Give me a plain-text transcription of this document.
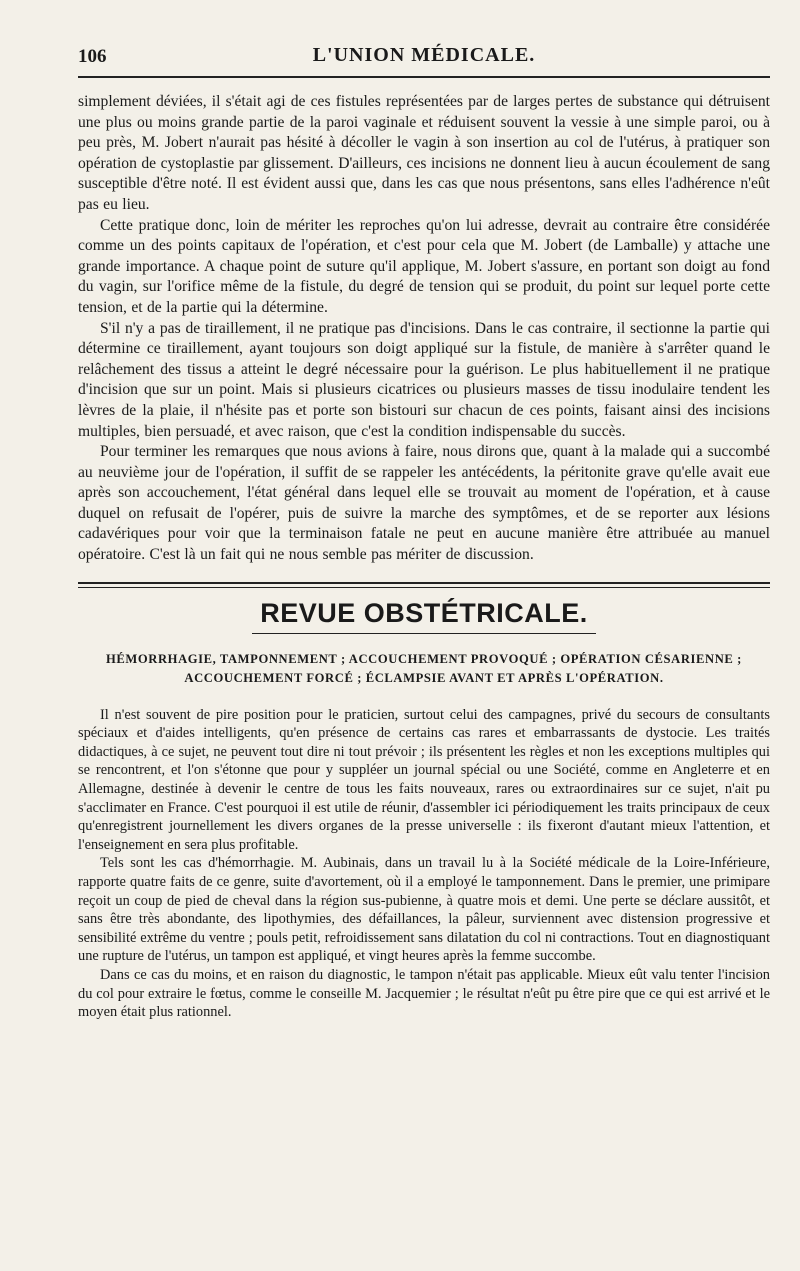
106	L'UNION MÉDICALE.

simplement déviées, il s'était agi de ces fistules représentées par de larges pertes de substance qui détruisent une plus ou moins grande partie de la paroi vaginale et réduisent souvent la vessie à une simple paroi, ou à peu près, M. Jobert n'aurait pas hésité à décoller le vagin à son insertion au col de l'utérus, à pratiquer son opération de cystoplastie par glissement. D'ailleurs, ces incisions ne donnent lieu à aucun écoulement de sang susceptible d'être noté. Il est évident aussi que, dans les cas que nous présentons, sans elles l'adhérence n'eût pas eu lieu.

Cette pratique donc, loin de mériter les reproches qu'on lui adresse, devrait au contraire être considérée comme un des points capitaux de l'opération, et c'est pour cela que M. Jobert (de Lamballe) y attache une grande importance. A chaque point de suture qu'il applique, M. Jobert s'assure, en portant son doigt au fond du vagin, sur l'orifice même de la fistule, du degré de tension qui se produit, du point sur lequel porte cette tension, et de la partie qui la détermine.

S'il n'y a pas de tiraillement, il ne pratique pas d'incisions. Dans le cas contraire, il sectionne la partie qui détermine ce tiraillement, ayant toujours son doigt appliqué sur la fistule, de manière à s'arrêter quand le relâchement des tissus a atteint le degré nécessaire pour la guérison. Le plus habituellement il ne pratique d'incision que sur un point. Mais si plusieurs cicatrices ou plusieurs masses de tissu inodulaire tendent les lèvres de la plaie, il n'hésite pas et porte son bistouri sur chacun de ces points, faisant ainsi des incisions multiples, bien persuadé, et avec raison, que c'est la condition indispensable du succès.

Pour terminer les remarques que nous avions à faire, nous dirons que, quant à la malade qui a succombé au neuvième jour de l'opération, il suffit de se rappeler les antécédents, la péritonite grave qu'elle avait eue après son accouchement, l'état général dans lequel elle se trouvait au moment de l'opération, et à cause duquel on refusait de l'opérer, puis de suivre la marche des symptômes, et de se reporter aux lésions cadavériques pour voir que la terminaison fatale ne peut en aucune manière être attribuée au manuel opératoire. C'est là un fait qui ne nous semble pas mériter de discussion.

REVUE OBSTÉTRICALE.
HÉMORRHAGIE, TAMPONNEMENT ; ACCOUCHEMENT PROVOQUÉ ; OPÉRATION CÉSARIENNE ;
ACCOUCHEMENT FORCÉ ; ÉCLAMPSIE AVANT ET APRÈS L'OPÉRATION.

Il n'est souvent de pire position pour le praticien, surtout celui des campagnes, privé du secours de consultants spéciaux et d'aides intelligents, qu'en présence de certains cas rares et embarrassants de dystocie. Les traités didactiques, à ce sujet, ne peuvent tout dire ni tout prévoir ; ils présentent les règles et non les exceptions multiples qui se rencontrent, et l'on s'étonne que pour y suppléer un journal spécial ou une Société, comme en Angleterre et en Allemagne, destinée à devenir le centre de tous les faits nouveaux, rares ou extraordinaires sur ce sujet, n'ait pu s'acclimater en France. C'est pourquoi il est utile de réunir, d'assembler ici périodiquement les traits principaux de ceux qu'enregistrent journellement les divers organes de la presse universelle : ils fixeront d'autant mieux l'attention, et l'enseignement en sera plus profitable.

Tels sont les cas d'hémorrhagie. M. Aubinais, dans un travail lu à la Société médicale de la Loire-Inférieure, rapporte quatre faits de ce genre, suite d'avortement, où il a employé le tamponnement. Dans le premier, une primipare reçoit un coup de pied de cheval dans la région sus-pubienne, à quatre mois et demi. Une perte se déclare aussitôt, et sans être très abondante, des lipothymies, des défaillances, la pâleur, surviennent avec distension progressive et sensibilité extrême du ventre ; pouls petit, refroidissement sans dilatation du col ni contractions. Tout en diagnostiquant une rupture de l'utérus, un tampon est appliqué, et vingt heures après la femme succombe.

Dans ce cas du moins, et en raison du diagnostic, le tampon n'était pas applicable. Mieux eût valu tenter l'incision du col pour extraire le fœtus, comme le conseille M. Jacquemier ; le résultat n'eût pu être pire que ce qui est arrivé et le moyen était plus rationnel.
